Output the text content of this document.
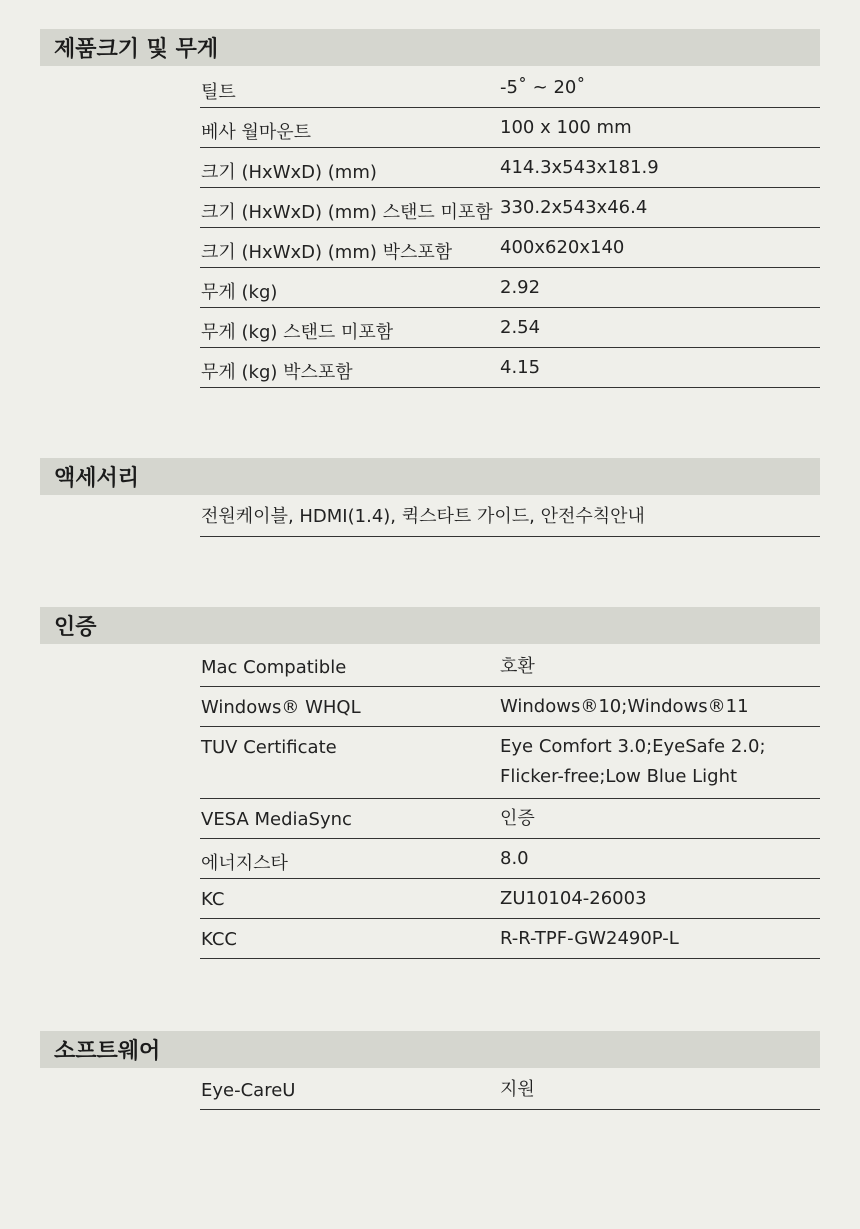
제품크기 및 무게
틸트	-5˚ ~ 20˚
베사 월마운트	100 x 100 mm
크기 (HxWxD) (mm)	414.3x543x181.9
크기 (HxWxD) (mm) 스탠드 미포함 330.2x543x46.4
크기 (HxWxD) (mm) 박스포함	400x620x140
무게 (kg)	2.92
무게 (kg) 스탠드 미포함	2.54
무게 (kg) 박스포함	4.15
액세서리
전원케이블, HDMI(1.4), 퀵스타트 가이드, 안전수칙안내
인증
Mac Compatible	호환
Windows® WHQL	Windows®10;Windows®11
TUV Certificate	Eye Comfort 3.0;EyeSafe 2.0;
Flicker-free;Low Blue Light
VESA MediaSync	인증
에너지스타	8.0
KC	ZU10104-26003
KCC	R-R-TPF-GW2490P-L
소프트웨어
Eye-CareU	지원
